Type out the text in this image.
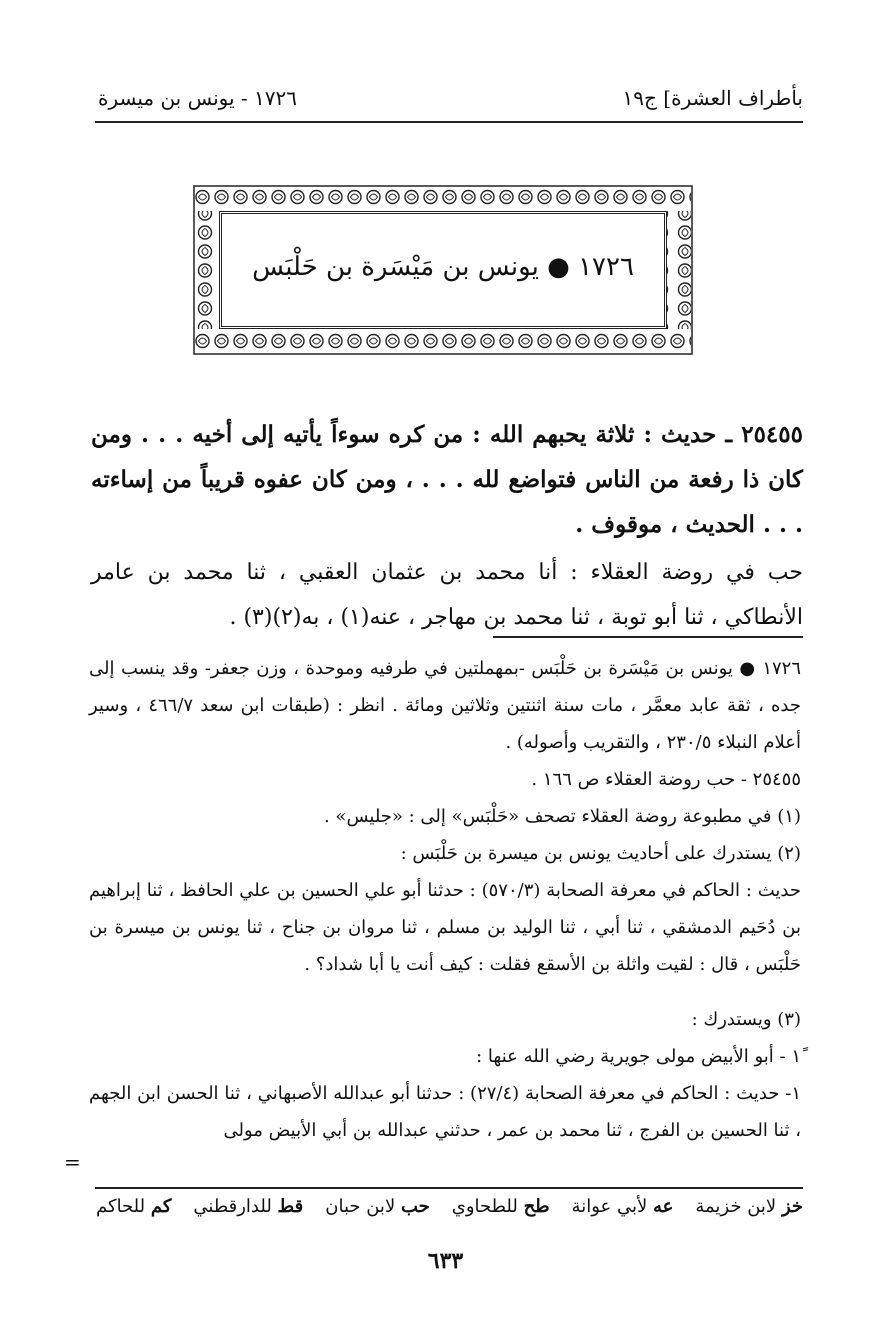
بأطراف العشرة] ج١٩
١٧٢٦ - يونس بن ميسرة
١٧٢٦ ● يونس بن مَيْسَرة بن حَلْبَس
٢٥٤٥٥ ـ حديث : ثلاثة يحبهم الله : من كره سوءاً يأتيه إلى أخيه . . . ومن كان ذا رفعة من الناس فتواضع لله . . . ، ومن كان عفوه قريباً من إساءته . . . الحديث ، موقوف .
حب في روضة العقلاء : أنا محمد بن عثمان العقبي ، ثنا محمد بن عامر الأنطاكي ، ثنا أبو توبة ، ثنا محمد بن مهاجر ، عنه(١) ، به(٢)(٣) .
١٧٢٦ ● يونس بن مَيْسَرة بن حَلْبَس -بمهملتين في طرفيه وموحدة ، وزن جعفر- وقد ينسب إلى جده ، ثقة عابد معمَّر ، مات سنة اثنتين وثلاثين ومائة . انظر : (طبقات ابن سعد ٤٦٦/٧ ، وسير أعلام النبلاء ٢٣٠/٥ ، والتقريب وأصوله) .
٢٥٤٥٥ - حب روضة العقلاء ص ١٦٦ .
(١) في مطبوعة روضة العقلاء تصحف «حَلْبَس» إلى : «جليس» .
(٢) يستدرك على أحاديث يونس بن ميسرة بن حَلْبَس :
حديث : الحاكم في معرفة الصحابة (٥٧٠/٣) : حدثنا أبو علي الحسين بن علي الحافظ ، ثنا إبراهيم بن دُحَيم الدمشقي ، ثنا أبي ، ثنا الوليد بن مسلم ، ثنا مروان بن جناح ، ثنا يونس بن ميسرة بن حَلْبَس ، قال : لقيت واثلة بن الأسقع فقلت : كيف أنت يا أبا شداد؟ .
(٣) ويستدرك :
١ً - أبو الأبيض مولى جويرية رضي الله عنها :
١- حديث : الحاكم في معرفة الصحابة (٢٧/٤) : حدثنا أبو عبدالله الأصبهاني ، ثنا الحسن ابن الجهم ، ثنا الحسين بن الفرج ، ثنا محمد بن عمر ، حدثني عبدالله بن أبي الأبيض مولى
=
خز لابن خزيمة
عه لأبي عوانة
طح للطحاوي
حب لابن حبان
قط للدارقطني
كم للحاكم
٦٣٣
